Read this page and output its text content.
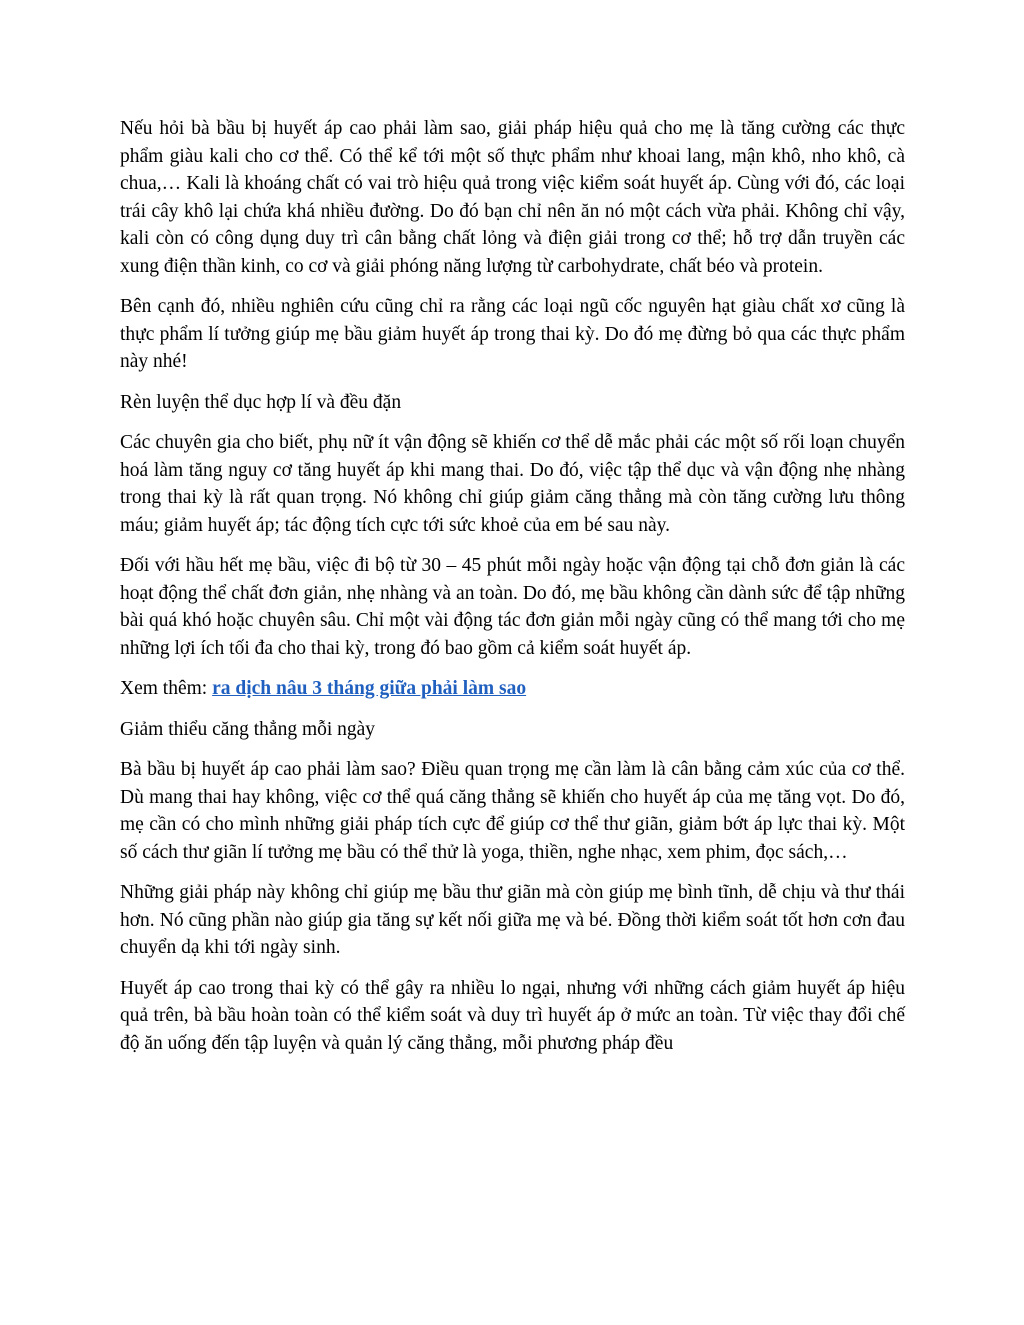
Nếu hỏi bà bầu bị huyết áp cao phải làm sao, giải pháp hiệu quả cho mẹ là tăng cường các thực phẩm giàu kali cho cơ thể. Có thể kể tới một số thực phẩm như khoai lang, mận khô, nho khô, cà chua,… Kali là khoáng chất có vai trò hiệu quả trong việc kiểm soát huyết áp. Cùng với đó, các loại trái cây khô lại chứa khá nhiều đường. Do đó bạn chỉ nên ăn nó một cách vừa phải. Không chỉ vậy, kali còn có công dụng duy trì cân bằng chất lỏng và điện giải trong cơ thể; hỗ trợ dẫn truyền các xung điện thần kinh, co cơ và giải phóng năng lượng từ carbohydrate, chất béo và protein.

Bên cạnh đó, nhiều nghiên cứu cũng chỉ ra rằng các loại ngũ cốc nguyên hạt giàu chất xơ cũng là thực phẩm lí tưởng giúp mẹ bầu giảm huyết áp trong thai kỳ. Do đó mẹ đừng bỏ qua các thực phẩm này nhé!

Rèn luyện thể dục hợp lí và đều đặn

Các chuyên gia cho biết, phụ nữ ít vận động sẽ khiến cơ thể dễ mắc phải các một số rối loạn chuyển hoá làm tăng nguy cơ tăng huyết áp khi mang thai. Do đó, việc tập thể dục và vận động nhẹ nhàng trong thai kỳ là rất quan trọng. Nó không chỉ giúp giảm căng thẳng mà còn tăng cường lưu thông máu; giảm huyết áp; tác động tích cực tới sức khoẻ của em bé sau này.

Đối với hầu hết mẹ bầu, việc đi bộ từ 30 – 45 phút mỗi ngày hoặc vận động tại chỗ đơn giản là các hoạt động thể chất đơn giản, nhẹ nhàng và an toàn. Do đó, mẹ bầu không cần dành sức để tập những bài quá khó hoặc chuyên sâu. Chỉ một vài động tác đơn giản mỗi ngày cũng có thể mang tới cho mẹ những lợi ích tối đa cho thai kỳ, trong đó bao gồm cả kiểm soát huyết áp.

Xem thêm: ra dịch nâu 3 tháng giữa phải làm sao

Giảm thiểu căng thẳng mỗi ngày

Bà bầu bị huyết áp cao phải làm sao? Điều quan trọng mẹ cần làm là cân bằng cảm xúc của cơ thể. Dù mang thai hay không, việc cơ thể quá căng thẳng sẽ khiến cho huyết áp của mẹ tăng vọt. Do đó, mẹ cần có cho mình những giải pháp tích cực để giúp cơ thể thư giãn, giảm bớt áp lực thai kỳ. Một số cách thư giãn lí tưởng mẹ bầu có thể thử là yoga, thiền, nghe nhạc, xem phim, đọc sách,…

Những giải pháp này không chỉ giúp mẹ bầu thư giãn mà còn giúp mẹ bình tĩnh, dễ chịu và thư thái hơn. Nó cũng phần nào giúp gia tăng sự kết nối giữa mẹ và bé. Đồng thời kiểm soát tốt hơn cơn đau chuyển dạ khi tới ngày sinh.

Huyết áp cao trong thai kỳ có thể gây ra nhiều lo ngại, nhưng với những cách giảm huyết áp hiệu quả trên, bà bầu hoàn toàn có thể kiểm soát và duy trì huyết áp ở mức an toàn. Từ việc thay đổi chế độ ăn uống đến tập luyện và quản lý căng thẳng, mỗi phương pháp đều
